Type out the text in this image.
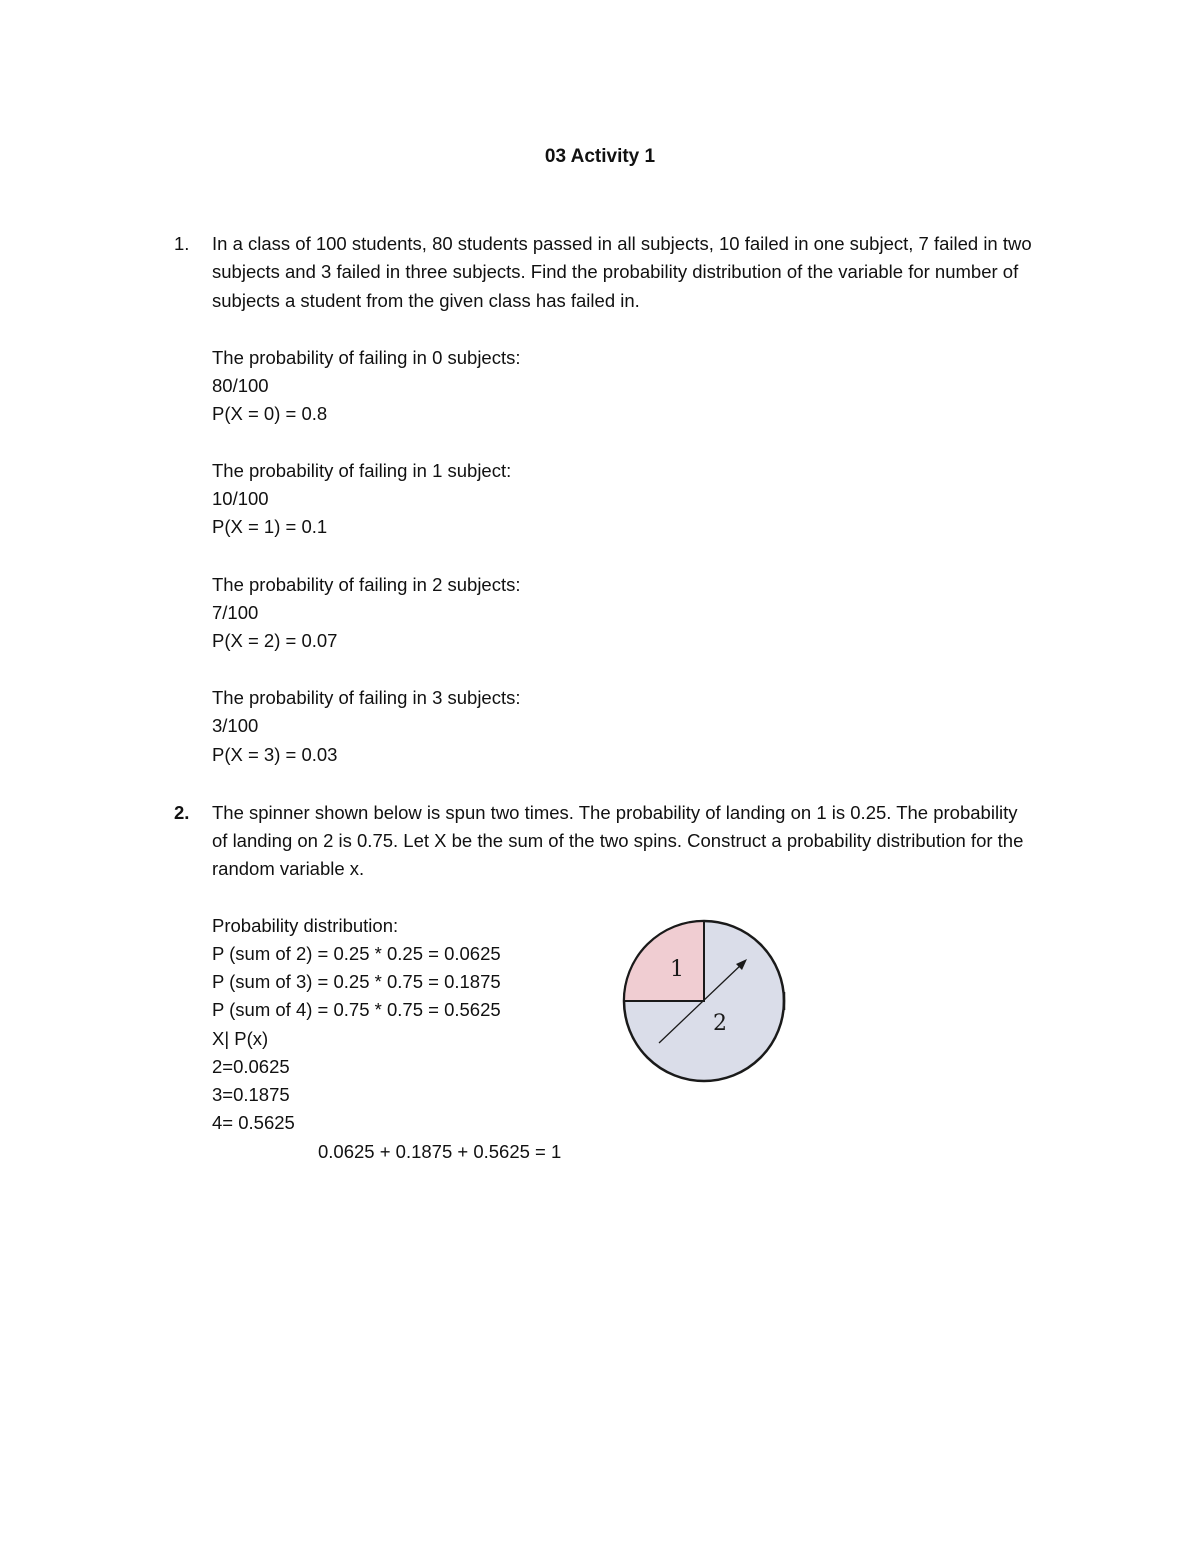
03 Activity 1
1. In a class of 100 students, 80 students passed in all subjects, 10 failed in one subject, 7 failed in two
subjects and 3 failed in three subjects. Find the probability distribution of the variable for number of
subjects a student from the given class has failed in.
The probability of failing in 0 subjects:
80/100
P(X = 0) = 0.8
The probability of failing in 1 subject:
10/100
P(X = 1) = 0.1
The probability of failing in 2 subjects:
7/100
P(X = 2) = 0.07
The probability of failing in 3 subjects:
3/100
P(X = 3) = 0.03
2. The spinner shown below is spun two times. The probability of landing on 1 is 0.25. The probability
of landing on 2 is 0.75. Let X be the sum of the two spins. Construct a probability distribution for the
random variable x.
Probability distribution:
P (sum of 2) = 0.25 * 0.25 = 0.0625
P (sum of 3) = 0.25 * 0.75 = 0.1875
P (sum of 4) = 0.75 * 0.75 = 0.5625
X| P(x)
2=0.0625
3=0.1875
4= 0.5625
0.0625 + 0.1875 + 0.5625 = 1
1
2
